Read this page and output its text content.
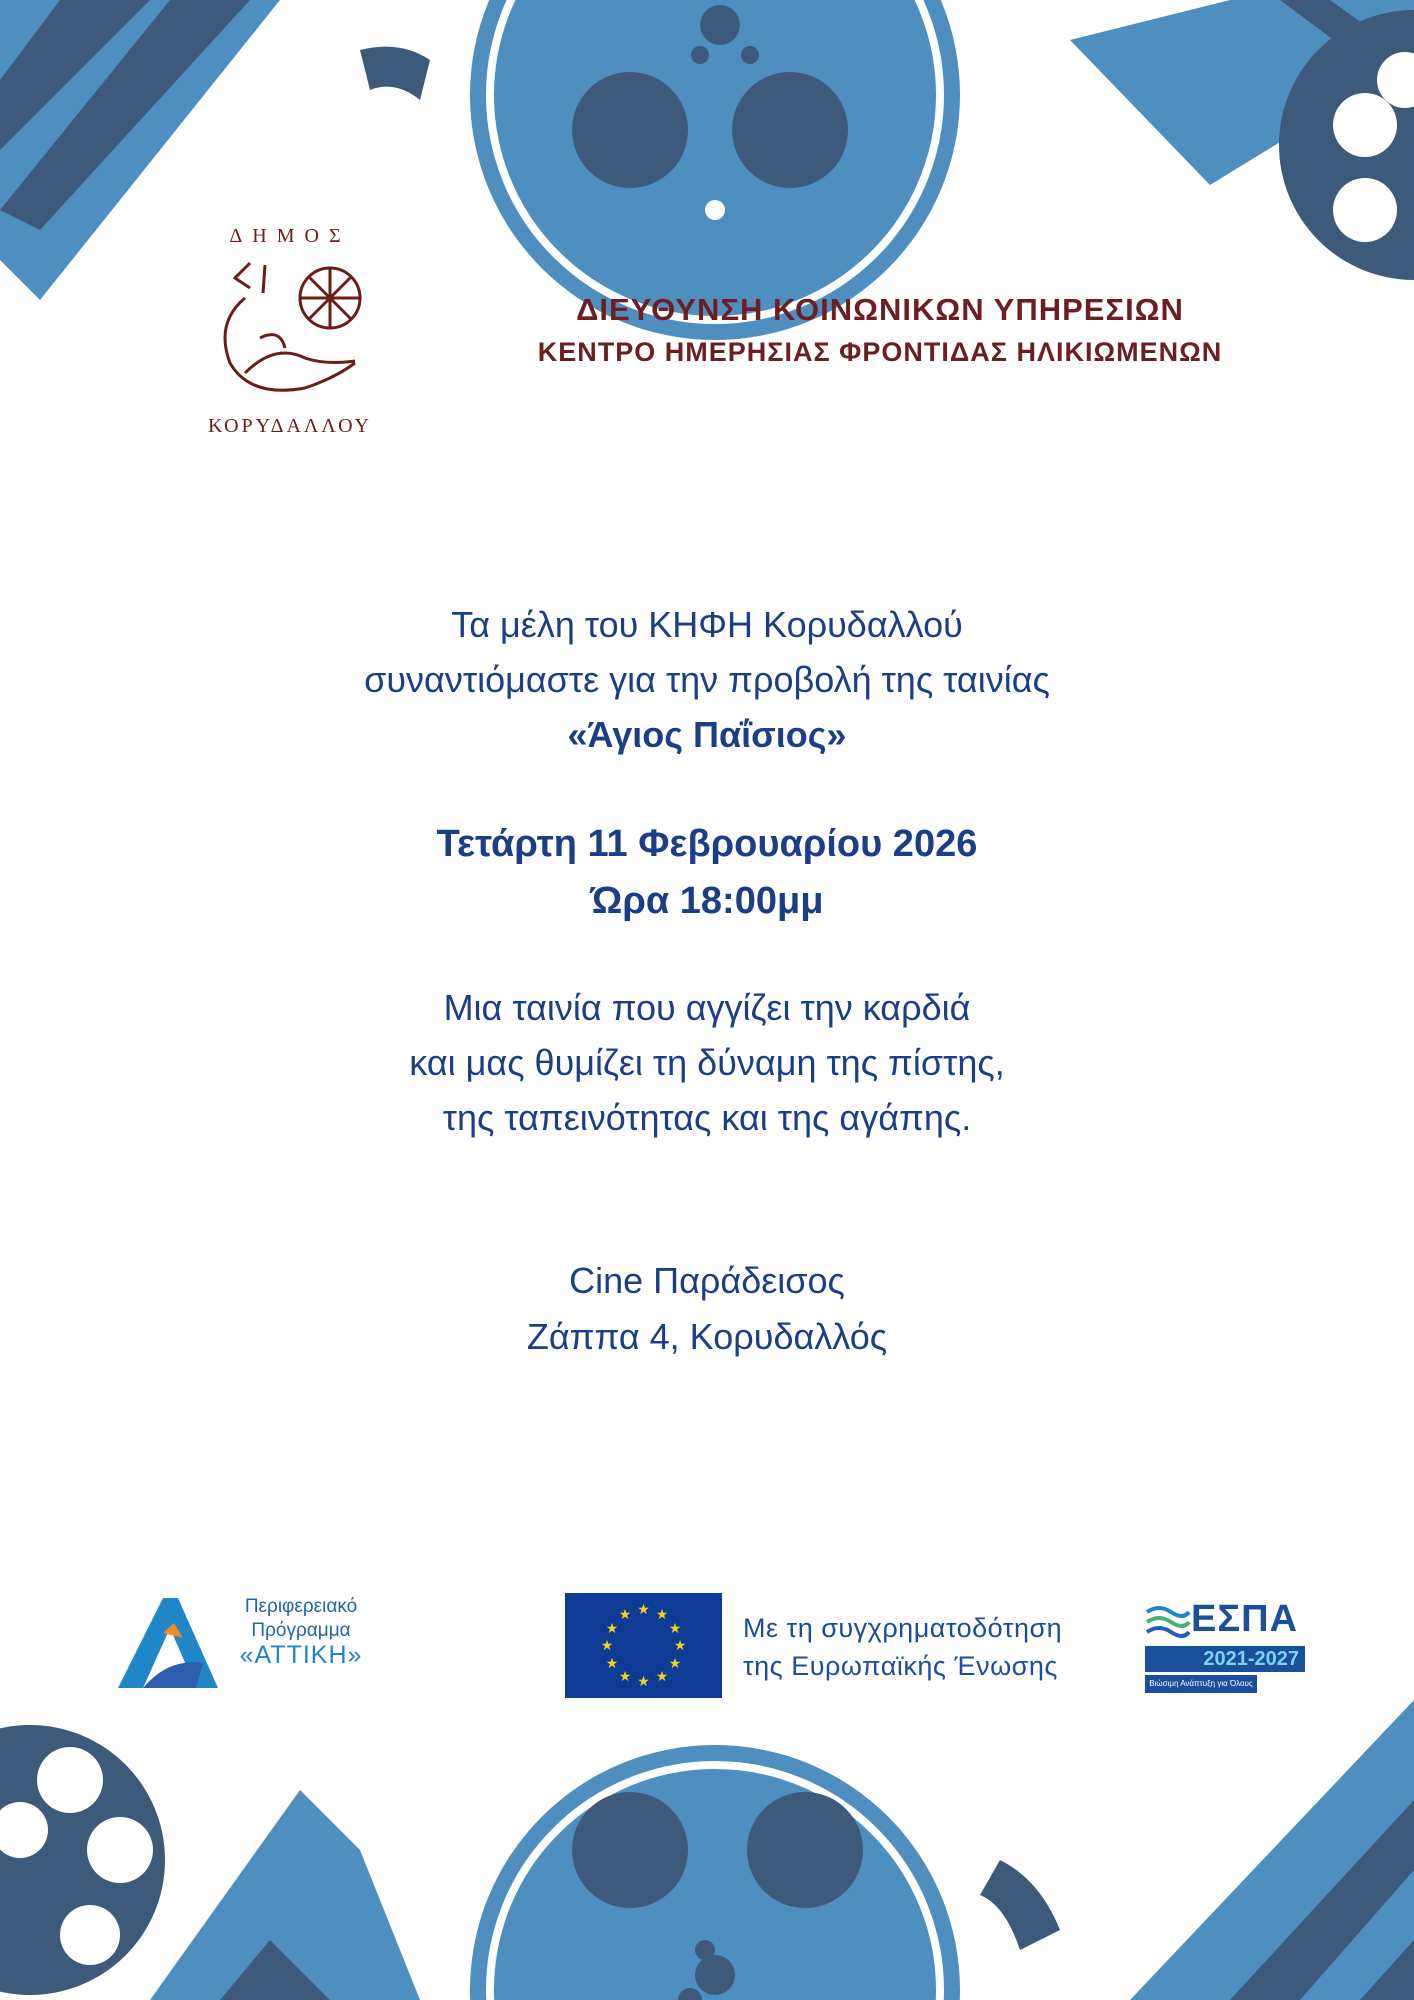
ΔΗΜΟΣ
ΚΟΡΥΔΑΛΛΟΥ
ΔΙΕΥΘΥΝΣΗ ΚΟΙΝΩΝΙΚΩΝ ΥΠΗΡΕΣΙΩΝ
ΚΕΝΤΡΟ ΗΜΕΡΗΣΙΑΣ ΦΡΟΝΤΙΔΑΣ ΗΛΙΚΙΩΜΕΝΩΝ
Τα μέλη του ΚΗΦΗ Κορυδαλλού
συναντιόμαστε για την προβολή της ταινίας
«Άγιος Παΐσιος»
Τετάρτη 11 Φεβρουαρίου 2026
Ώρα 18:00μμ
Μια ταινία που αγγίζει την καρδιά
και μας θυμίζει τη δύναμη της πίστης,
της ταπεινότητας και της αγάπης.
Cine Παράδεισος
Ζάππα 4, Κορυδαλλός
Περιφερειακό
Πρόγραμμα
«ΑΤΤΙΚΗ»
★ ★
★
★
★
★
★
★
★
★
★
★	Με τη συγχρηματοδότηση
της Ευρωπαϊκής Ένωσης
ΕΣΠΑ
2021-2027
Βιώσιμη Ανάπτυξη για Όλους
